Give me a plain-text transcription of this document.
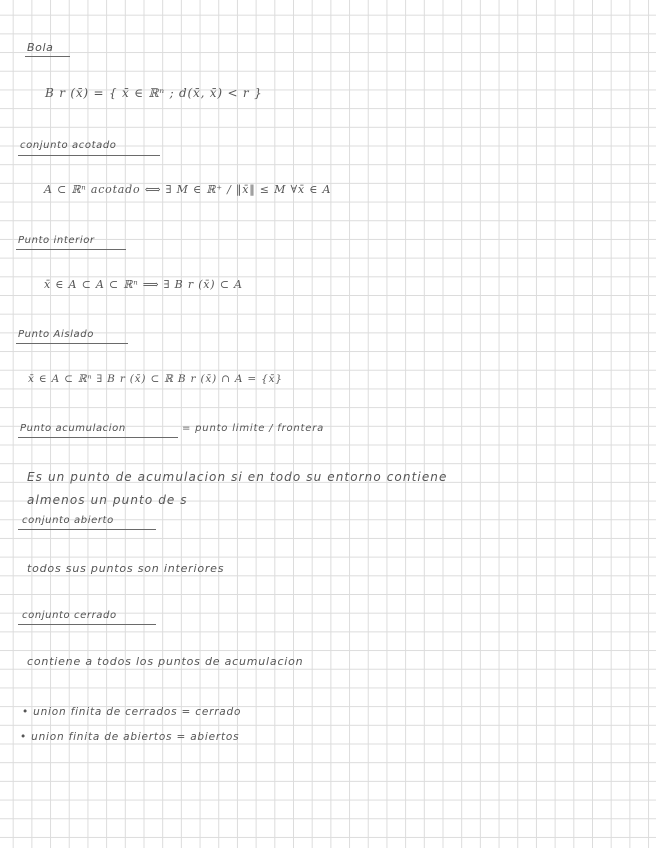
Bola
B r (x̄) = { x̄ ∈ ℝⁿ ; d(x̄, x̄) < r }
conjunto acotado
A ⊂ ℝⁿ acotado ⟺ ∃ M ∈ ℝ⁺ / ‖x̄‖ ≤ M ∀x̄ ∈ A
Punto interior
x̄ ∈ A ⊂ A ⊂ ℝⁿ ⟹ ∃ B r (x̄) ⊂ A
Punto Aislado
x̄ ∈ A ⊂ ℝⁿ ∃ B r (x̄) ⊂ ℝ B r (x̄) ∩ A = {x̄}
Punto acumulacion	= punto limite / frontera
Es un punto de acumulacion si en todo su entorno contiene
almenos un punto de s
conjunto abierto
todos sus puntos son interiores
conjunto cerrado
contiene a todos los puntos de acumulacion
• union finita de cerrados = cerrado
• union finita de abiertos = abiertos
